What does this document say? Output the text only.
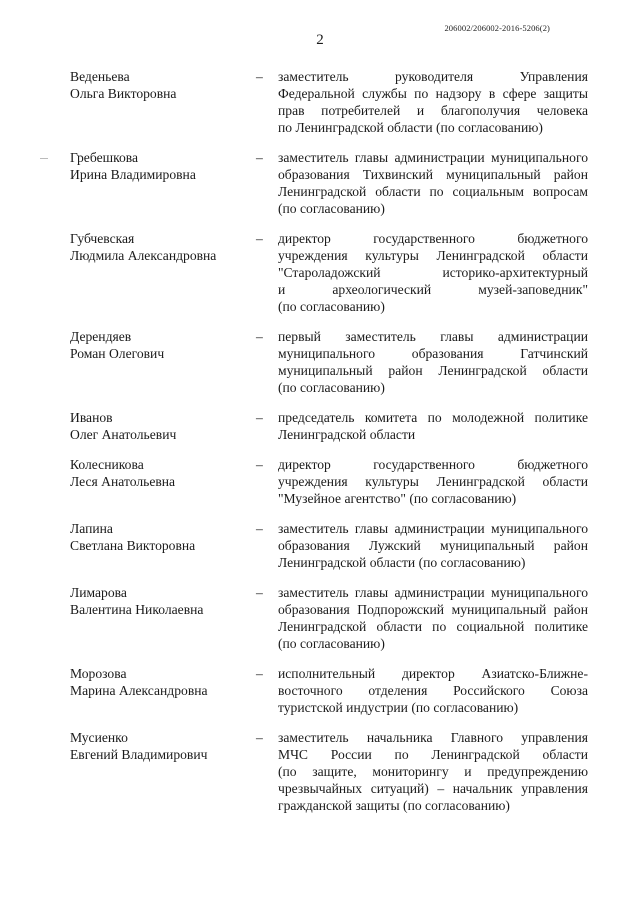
206002/206002-2016-5206(2)
2
Веденьева
Ольга Викторовна
–	заместитель руководителя Управления
Федеральной службы по надзору в сфере защиты
прав потребителей и благополучия человека
по Ленинградской области (по согласованию)
Гребешкова
Ирина Владимировна
–	заместитель главы администрации муниципального
образования Тихвинский муниципальный район
Ленинградской области по социальным вопросам
(по согласованию)
Губчевская
Людмила Александровна
–	директор государственного бюджетного
учреждения культуры Ленинградской области
"Староладожский историко-архитектурный
и археологический музей-заповедник"
(по согласованию)
Дерендяев
Роман Олегович
–	первый заместитель главы администрации
муниципального образования Гатчинский
муниципальный район Ленинградской области
(по согласованию)
Иванов
Олег Анатольевич
–	председатель комитета по молодежной политике
Ленинградской области
Колесникова
Леся Анатольевна
–	директор государственного бюджетного
учреждения культуры Ленинградской области
"Музейное агентство" (по согласованию)
Лапина
Светлана Викторовна
–	заместитель главы администрации муниципального
образования Лужский муниципальный район
Ленинградской области (по согласованию)
Лимарова
Валентина Николаевна
–	заместитель главы администрации муниципального
образования Подпорожский муниципальный район
Ленинградской области по социальной политике
(по согласованию)
Морозова
Марина Александровна
–	исполнительный директор Азиатско-Ближне-
восточного отделения Российского Союза
туристской индустрии (по согласованию)
Мусиенко
Евгений Владимирович
–	заместитель начальника Главного управления
МЧС России по Ленинградской области
(по защите, мониторингу и предупреждению
чрезвычайных ситуаций) – начальник управления
гражданской защиты (по согласованию)
